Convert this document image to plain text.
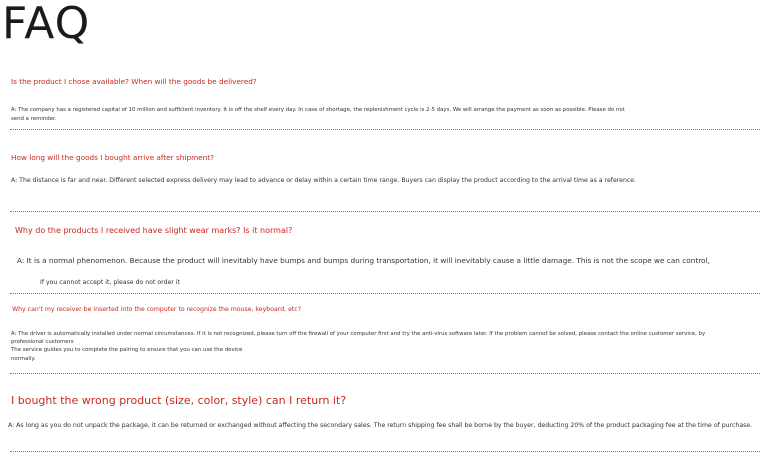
FAQ
Is the product I chose available? When will the goods be delivered?
A: The company has a registered capital of 10 million and sufficient inventory. It is off the shelf every day. In case of shortage, the replenishment cycle is 2-5 days. We will arrange the payment as soon as possible. Please do not
send a reminder.
How long will the goods I bought arrive after shipment?
A: The distance is far and near. Different selected express delivery may lead to advance or delay within a certain time range. Buyers can display the product according to the arrival time as a reference.
Why do the products I received have slight wear marks? Is it normal?
A: It is a normal phenomenon. Because the product will inevitably have bumps and bumps during transportation, it will inevitably cause a little damage. This is not the scope we can control,
If you cannot accept it, please do not order it
Why can't my receiver be inserted into the computer to recognize the mouse, keyboard, etc?
A: The driver is automatically installed under normal circumstances. If it is not recognized, please turn off the firewall of your computer first and try the anti-virus software later. If the problem cannot be solved, please contact the online customer service, by
professional customers
The service guides you to complete the pairing to ensure that you can use the device
normally.
I bought the wrong product (size, color, style) can I return it?
A: As long as you do not unpack the package, it can be returned or exchanged without affecting the secondary sales. The return shipping fee shall be borne by the buyer, deducting 20% of the product packaging fee at the time of purchase.
